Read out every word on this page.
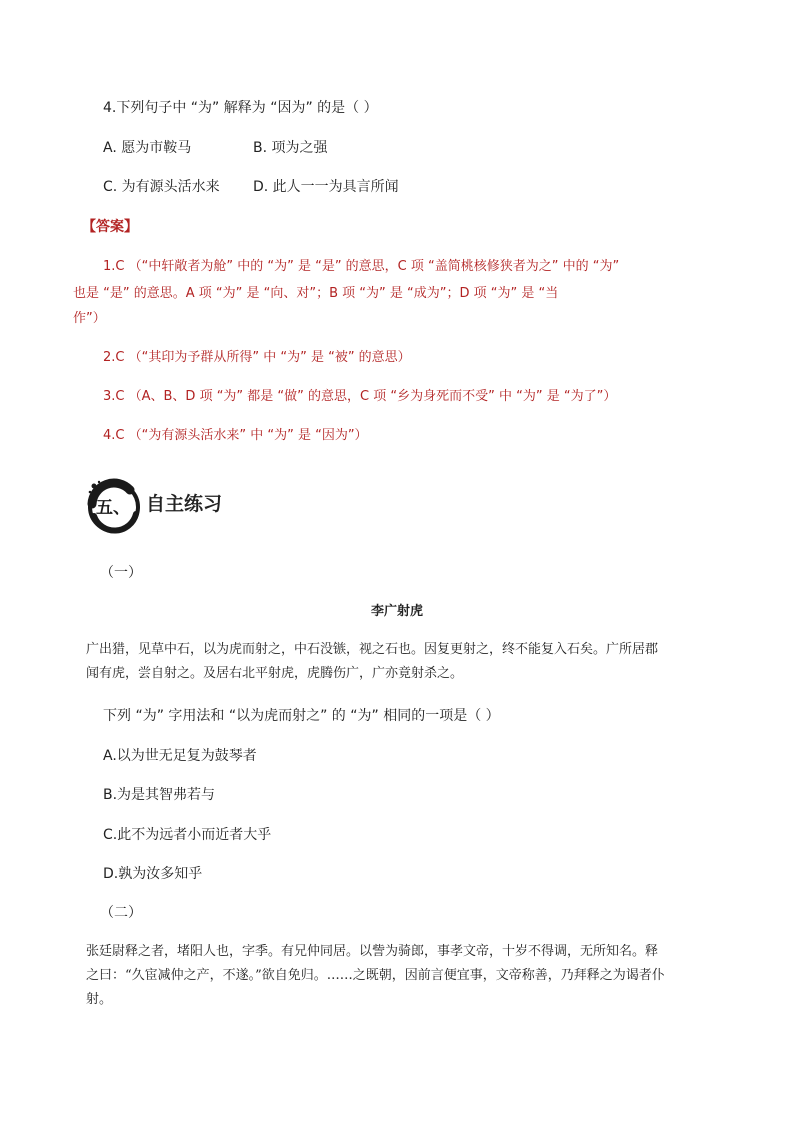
4.下列句子中 “为” 解释为 “因为” 的是（ ）
A. 愿为市鞍马	B. 项为之强
C. 为有源头活水来 D. 此人一一为具言所闻
【答案】
1.C （“中轩敞者为舱” 中的 “为” 是 “是” 的意思，C 项 “盖简桃核修狭者为之” 中的 “为”
也是 “是” 的意思。A 项 “为” 是 “向、对”；B 项 “为” 是 “成为”；D 项 “为” 是 “当
作”）
2.C （“其印为予群从所得” 中 “为” 是 “被” 的意思）
3.C （A、B、D 项 “为” 都是 “做” 的意思，C 项 “乡为身死而不受” 中 “为” 是 “为了”）
4.C （“为有源头活水来” 中 “为” 是 “因为”）
五、 自主练习
（一）
李广射虎
广出猎，见草中石，以为虎而射之，中石没镞，视之石也。因复更射之，终不能复入石矣。广所居郡
闻有虎，尝自射之。及居右北平射虎，虎腾伤广，广亦竟射杀之。
下列 “为” 字用法和 “以为虎而射之” 的 “为” 相同的一项是（ ）
A.以为世无足复为鼓琴者
B.为是其智弗若与
C.此不为远者小而近者大乎
D.孰为汝多知乎
（二）
张廷尉释之者，堵阳人也，字季。有兄仲同居。以訾为骑郎，事孝文帝，十岁不得调，无所知名。释
之曰：“久宦减仲之产，不遂。”欲自免归。……之既朝，因前言便宜事，文帝称善，乃拜释之为谒者仆
射。
